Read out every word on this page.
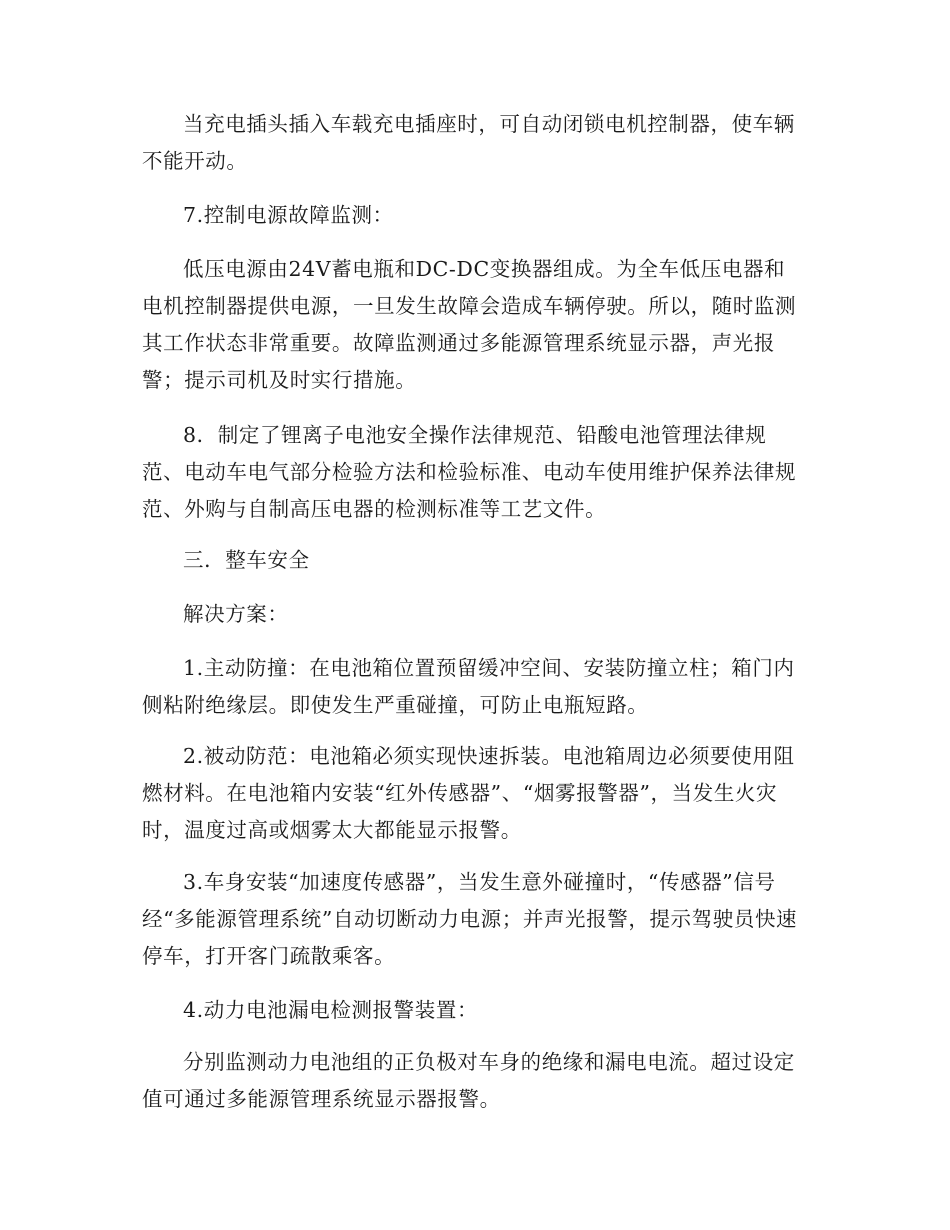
当充电插头插入车载充电插座时，可自动闭锁电机控制器，使车辆不能开动。

7.控制电源故障监测：

低压电源由24V蓄电瓶和DC-DC变换器组成。为全车低压电器和电机控制器提供电源，一旦发生故障会造成车辆停驶。所以，随时监测其工作状态非常重要。故障监测通过多能源管理系统显示器，声光报警；提示司机及时实行措施。

8．制定了锂离子电池安全操作法律规范、铅酸电池管理法律规范、电动车电气部分检验方法和检验标准、电动车使用维护保养法律规范、外购与自制高压电器的检测标准等工艺文件。

三．整车安全

解决方案：

1.主动防撞：在电池箱位置预留缓冲空间、安装防撞立柱；箱门内侧粘附绝缘层。即使发生严重碰撞，可防止电瓶短路。

2.被动防范：电池箱必须实现快速拆装。电池箱周边必须要使用阻燃材料。在电池箱内安装“红外传感器”、“烟雾报警器”，当发生火灾时，温度过高或烟雾太大都能显示报警。

3.车身安装“加速度传感器”，当发生意外碰撞时，“传感器”信号经“多能源管理系统”自动切断动力电源；并声光报警，提示驾驶员快速停车，打开客门疏散乘客。

4.动力电池漏电检测报警装置：

分别监测动力电池组的正负极对车身的绝缘和漏电电流。超过设定值可通过多能源管理系统显示器报警。
